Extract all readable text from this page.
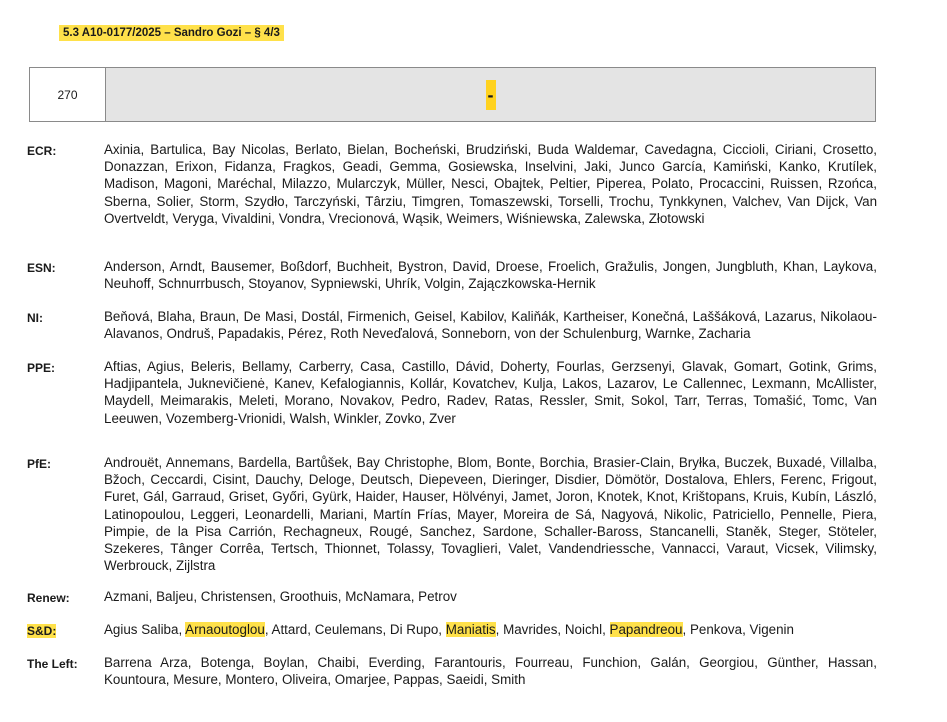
5.3 A10-0177/2025 – Sandro Gozi – § 4/3
270	-
ECR:	Axinia, Bartulica, Bay Nicolas, Berlato, Bielan, Bocheński, Brudziński, Buda Waldemar, Cavedagna, Ciccioli, Ciriani, Crosetto, Donazzan, Erixon, Fidanza, Fragkos, Geadi, Gemma, Gosiewska, Inselvini, Jaki, Junco García, Kamiński, Kanko, Krutílek, Madison, Magoni, Maréchal, Milazzo, Mularczyk, Müller, Nesci, Obajtek, Peltier, Piperea, Polato, Procaccini, Ruissen, Rzońca, Sberna, Solier, Storm, Szydło, Tarczyński, Târziu, Timgren, Tomaszewski, Torselli, Trochu, Tynkkynen, Valchev, Van Dijck, Van Overtveldt, Veryga, Vivaldini, Vondra, Vrecionová, Wąsik, Weimers, Wiśniewska, Zalewska, Złotowski
ESN:	Anderson, Arndt, Bausemer, Boßdorf, Buchheit, Bystron, David, Droese, Froelich, Gražulis, Jongen, Jungbluth, Khan, Laykova, Neuhoff, Schnurrbusch, Stoyanov, Sypniewski, Uhrík, Volgin, Zajączkowska-Hernik
NI:	Beňová, Blaha, Braun, De Masi, Dostál, Firmenich, Geisel, Kabilov, Kaliňák, Kartheiser, Konečná, Laššáková, Lazarus, Nikolaou-Alavanos, Ondruš, Papadakis, Pérez, Roth Neveďalová, Sonneborn, von der Schulenburg, Warnke, Zacharia
PPE:	Aftias, Agius, Beleris, Bellamy, Carberry, Casa, Castillo, Dávid, Doherty, Fourlas, Gerzsenyi, Glavak, Gomart, Gotink, Grims, Hadjipantela, Juknevičienė, Kanev, Kefalogiannis, Kollár, Kovatchev, Kulja, Lakos, Lazarov, Le Callennec, Lexmann, McAllister, Maydell, Meimarakis, Meleti, Morano, Novakov, Pedro, Radev, Ratas, Ressler, Smit, Sokol, Tarr, Terras, Tomašić, Tomc, Van Leeuwen, Vozemberg-Vrionidi, Walsh, Winkler, Zovko, Zver
PfE:	Androuët, Annemans, Bardella, Bartůšek, Bay Christophe, Blom, Bonte, Borchia, Brasier-Clain, Bryłka, Buczek, Buxadé, Villalba, Bžoch, Ceccardi, Cisint, Dauchy, Deloge, Deutsch, Diepeveen, Dieringer, Disdier, Dömötör, Dostalova, Ehlers, Ferenc, Frigout, Furet, Gál, Garraud, Griset, Győri, Gyürk, Haider, Hauser, Hölvényi, Jamet, Joron, Knotek, Knot, Krištopans, Kruis, Kubín, László, Latinopoulou, Leggeri, Leonardelli, Mariani, Martín Frías, Mayer, Moreira de Sá, Nagyová, Nikolic, Patriciello, Pennelle, Piera, Pimpie, de la Pisa Carrión, Rechagneux, Rougé, Sanchez, Sardone, Schaller-Baross, Stancanelli, Staněk, Steger, Stöteler, Szekeres, Tânger Corrêa, Tertsch, Thionnet, Tolassy, Tovaglieri, Valet, Vandendriessche, Vannacci, Varaut, Vicsek, Vilimsky, Werbrouck, Zijlstra
Renew:	Azmani, Baljeu, Christensen, Groothuis, McNamara, Petrov
S&D:	Agius Saliba, Arnaoutoglou, Attard, Ceulemans, Di Rupo, Maniatis, Mavrides, Noichl, Papandreou, Penkova, Vigenin
The Left:	Barrena Arza, Botenga, Boylan, Chaibi, Everding, Farantouris, Fourreau, Funchion, Galán, Georgiou, Günther, Hassan, Kountoura, Mesure, Montero, Oliveira, Omarjee, Pappas, Saeidi, Smith
